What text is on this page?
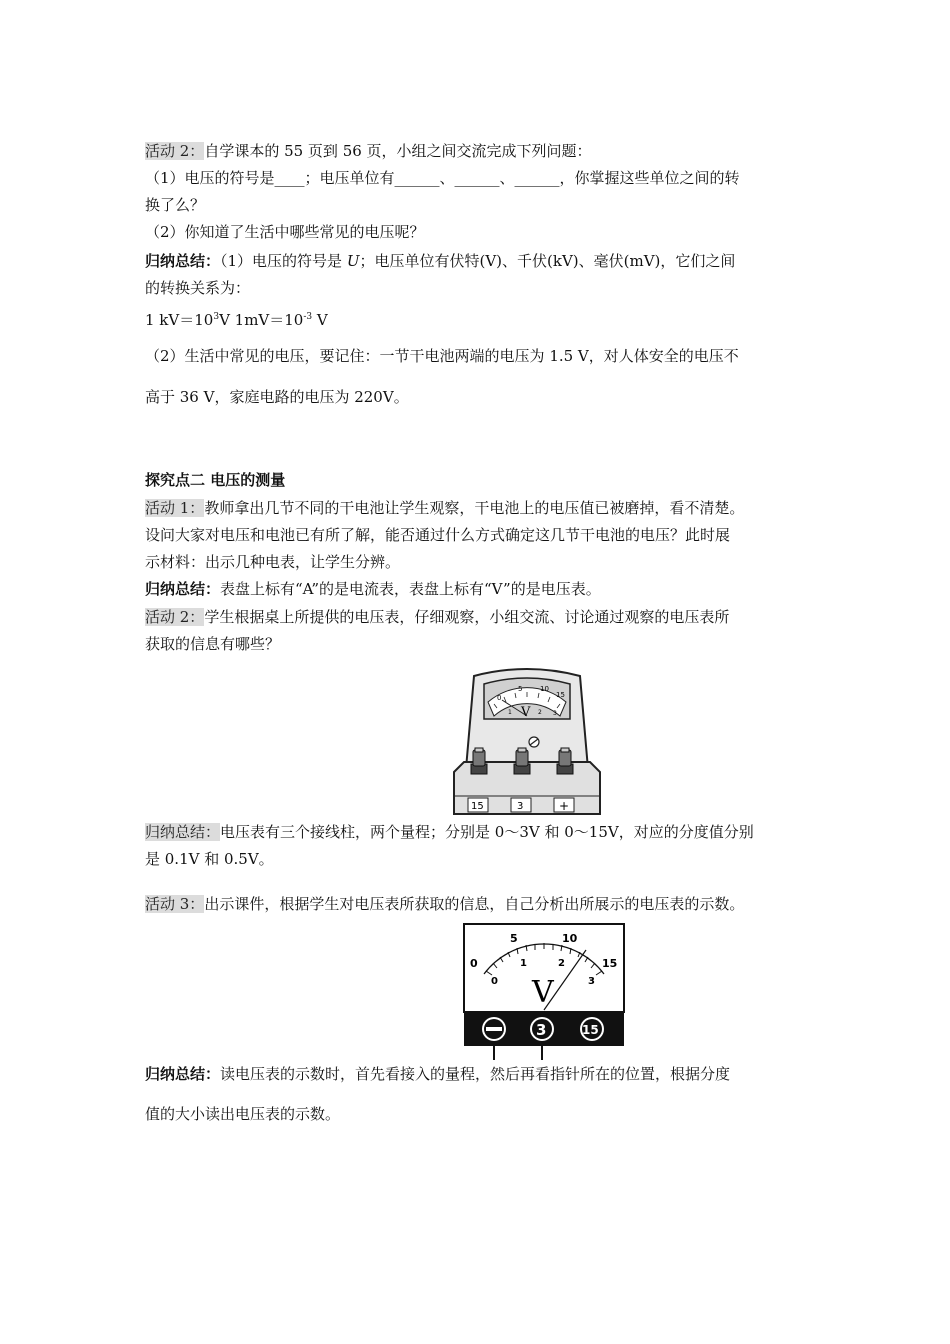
活动 2：自学课本的 55 页到 56 页，小组之间交流完成下列问题：
（1）电压的符号是____；电压单位有______、______、______，你掌握这些单位之间的转
换了么？
（2）你知道了生活中哪些常见的电压呢？
归纳总结：（1）电压的符号是 U；电压单位有伏特(V)、千伏(kV)、毫伏(mV)，它们之间
的转换关系为：
1 $kV=10^3V$ $1mV=10^{-3}$ V
（2）生活中常见的电压，要记住：一节干电池两端的电压为 1.5 V，对人体安全的电压不
高于 36 V，家庭电路的电压为 220V。
探究点二 电压的测量
活动 1：教师拿出几节不同的干电池让学生观察，干电池上的电压值已被磨掉，看不清楚。
设问大家对电压和电池已有所了解，能否通过什么方式确定这几节干电池的电压？此时展
示材料：出示几种电表，让学生分辨。
归纳总结：表盘上标有“A”的是电流表，表盘上标有“V”的是电压表。
活动 2：学生根据桌上所提供的电压表，仔细观察，小组交流、讨论通过观察的电压表所
获取的信息有哪些？
0
5	10
15
1	2 3
V
15	3	+
归纳总结：电压表有三个接线柱，两个量程；分别是 0～3V 和 0～15V，对应的分度值分别
是 0.1V 和 0.5V。
活动 3：出示课件，根据学生对电压表所获取的信息，自己分析出所展示的电压表的示数。
0
5	10
15
0
1	2
3
V
3	15
归纳总结：读电压表的示数时，首先看接入的量程，然后再看指针所在的位置，根据分度
值的大小读出电压表的示数。
